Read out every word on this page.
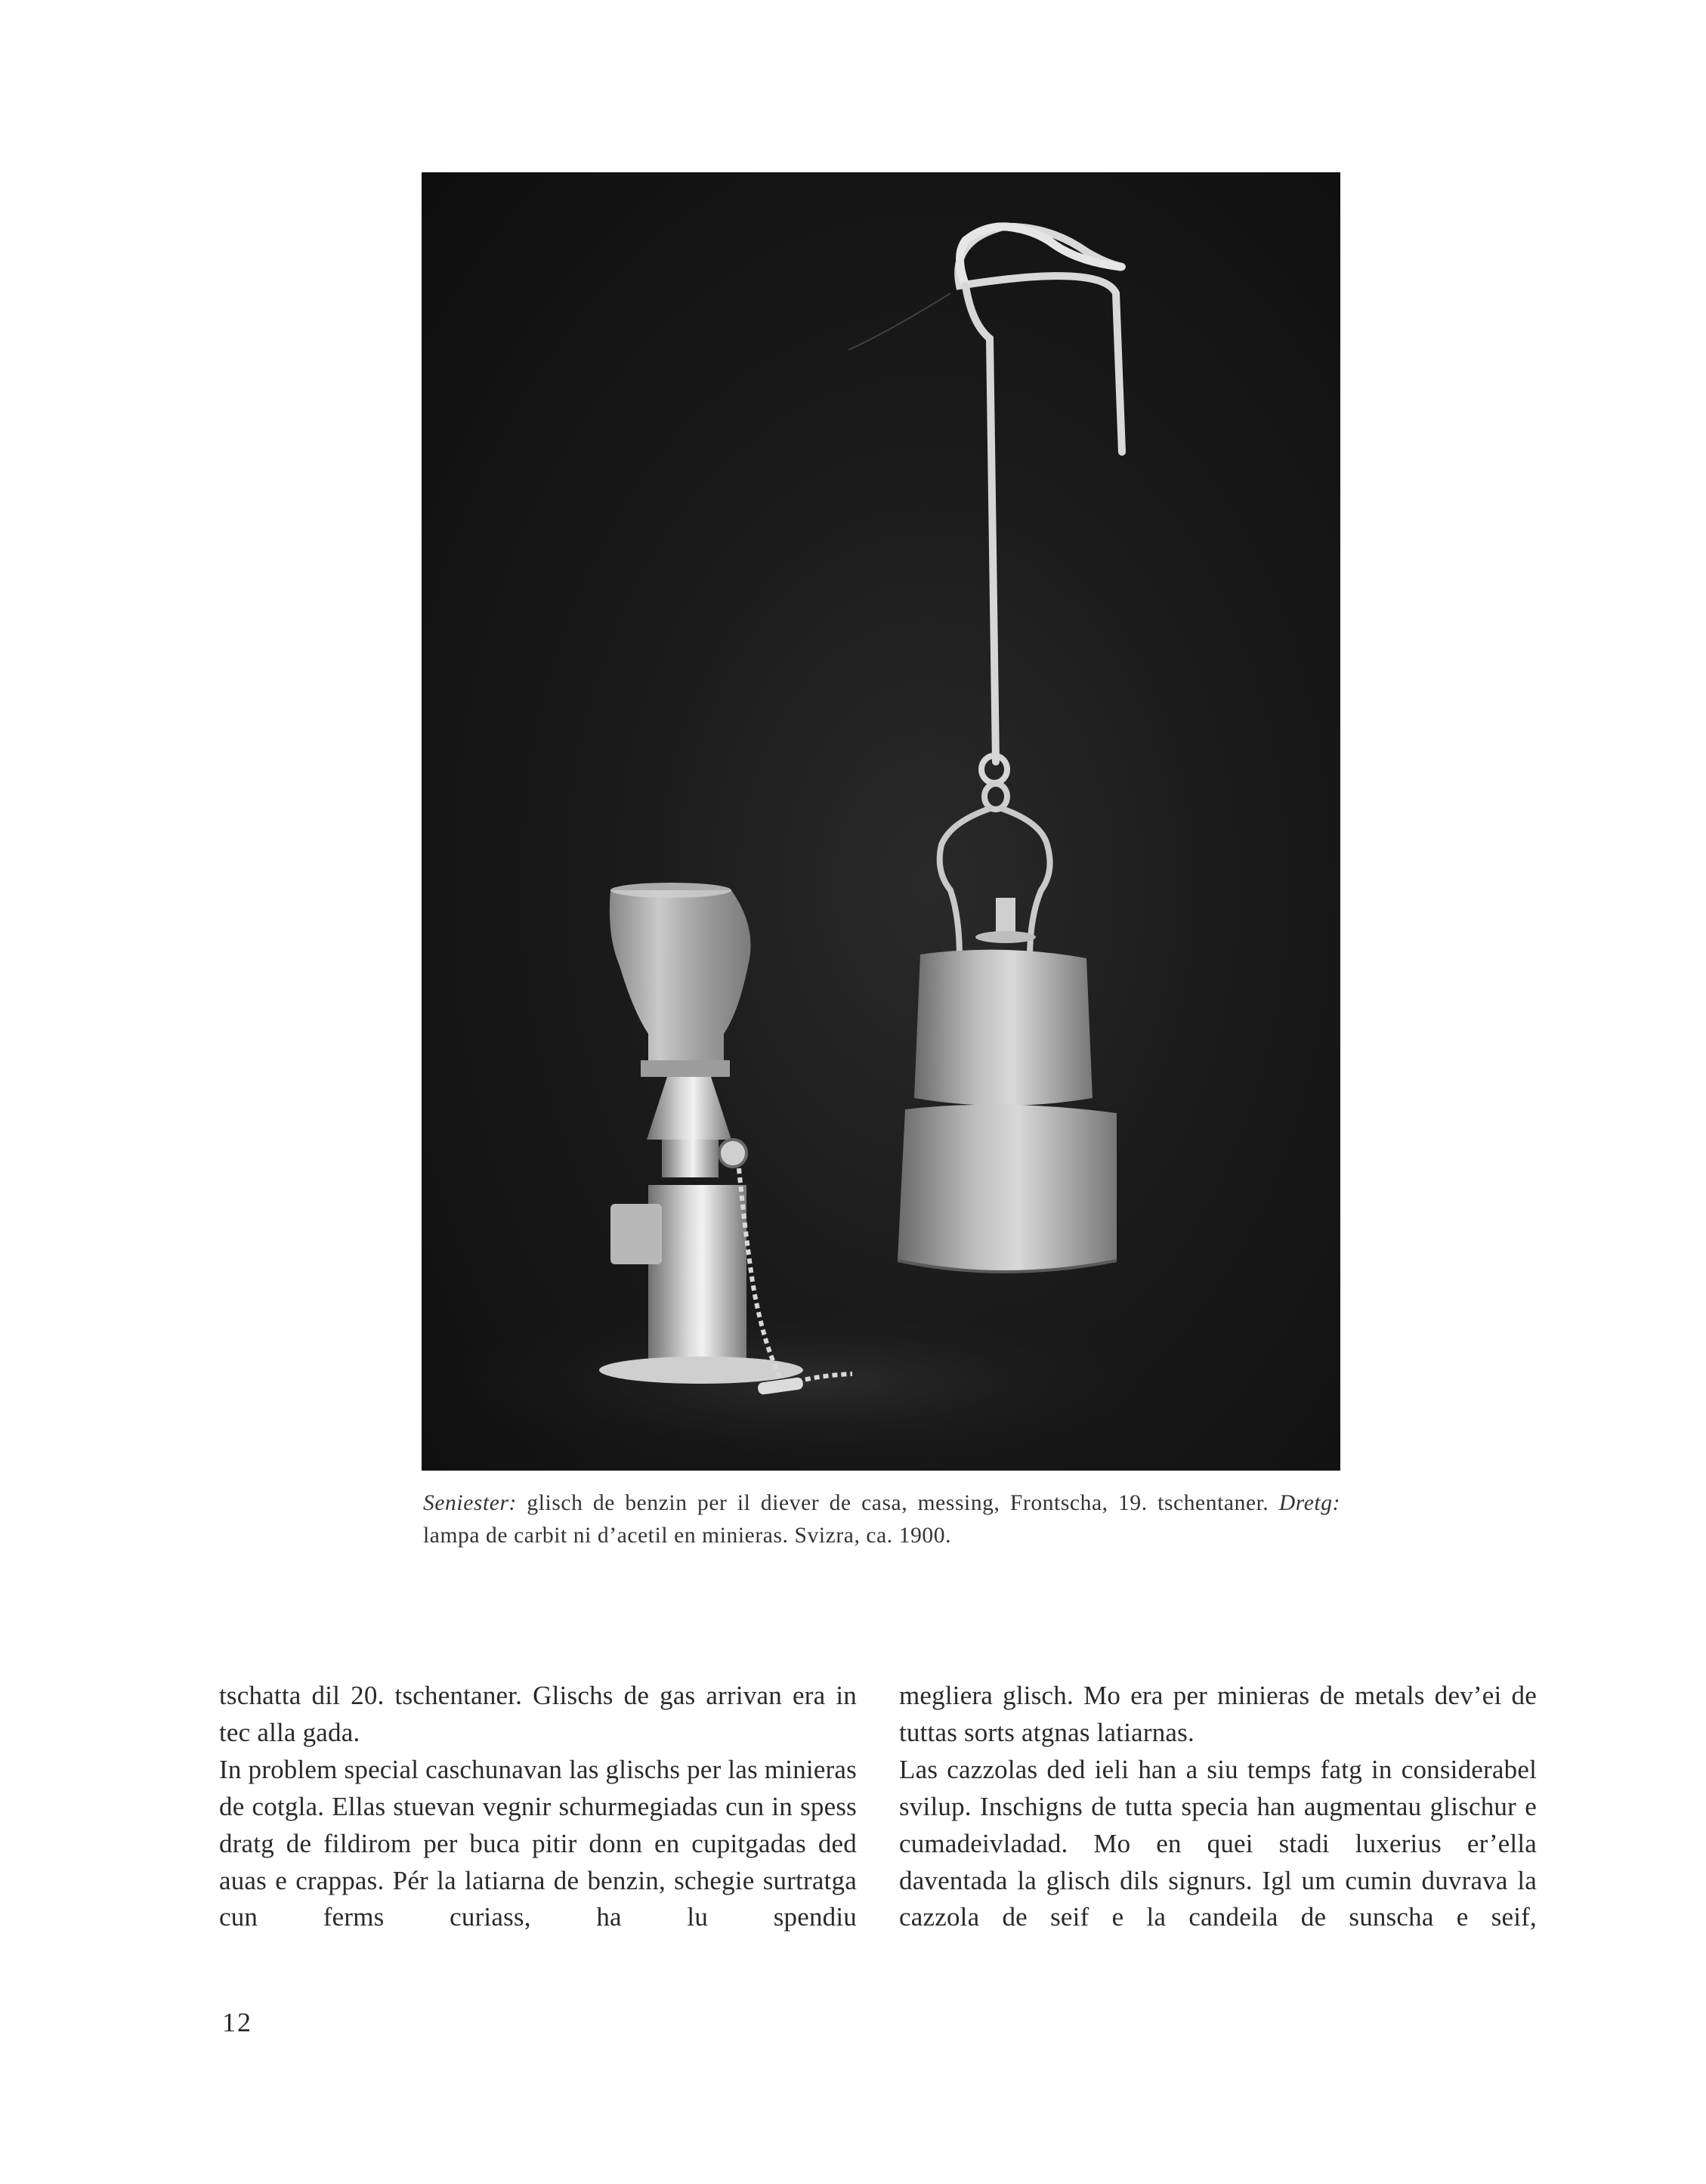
Seniester: glisch de benzin per il diever de casa, messing, Frontscha, 19. tschentaner. Dretg: lampa de carbit ni d’acetil en minieras. Svizra, ca. 1900.

tschatta dil 20. tschentaner. Glischs de gas arrivan era in tec alla gada.

In problem special caschunavan las glischs per las minieras de cotgla. Ellas stuevan vegnir schurmegiadas cun in spess dratg de fildirom per buca pitir donn en cupitgadas ded auas e crappas. Pér la latiarna de benzin, schegie surtratga cun ferms curiass, ha lu spendiu

megliera glisch. Mo era per minieras de metals dev’ei de tuttas sorts atgnas latiarnas.

Las cazzolas ded ieli han a siu temps fatg in considerabel svilup. Inschigns de tutta specia han augmentau glischur e cumadeivladad. Mo en quei stadi luxerius er’ella daventada la glisch dils signurs. Igl um cumin duvrava la cazzola de seif e la candeila de sunscha e seif,

12
